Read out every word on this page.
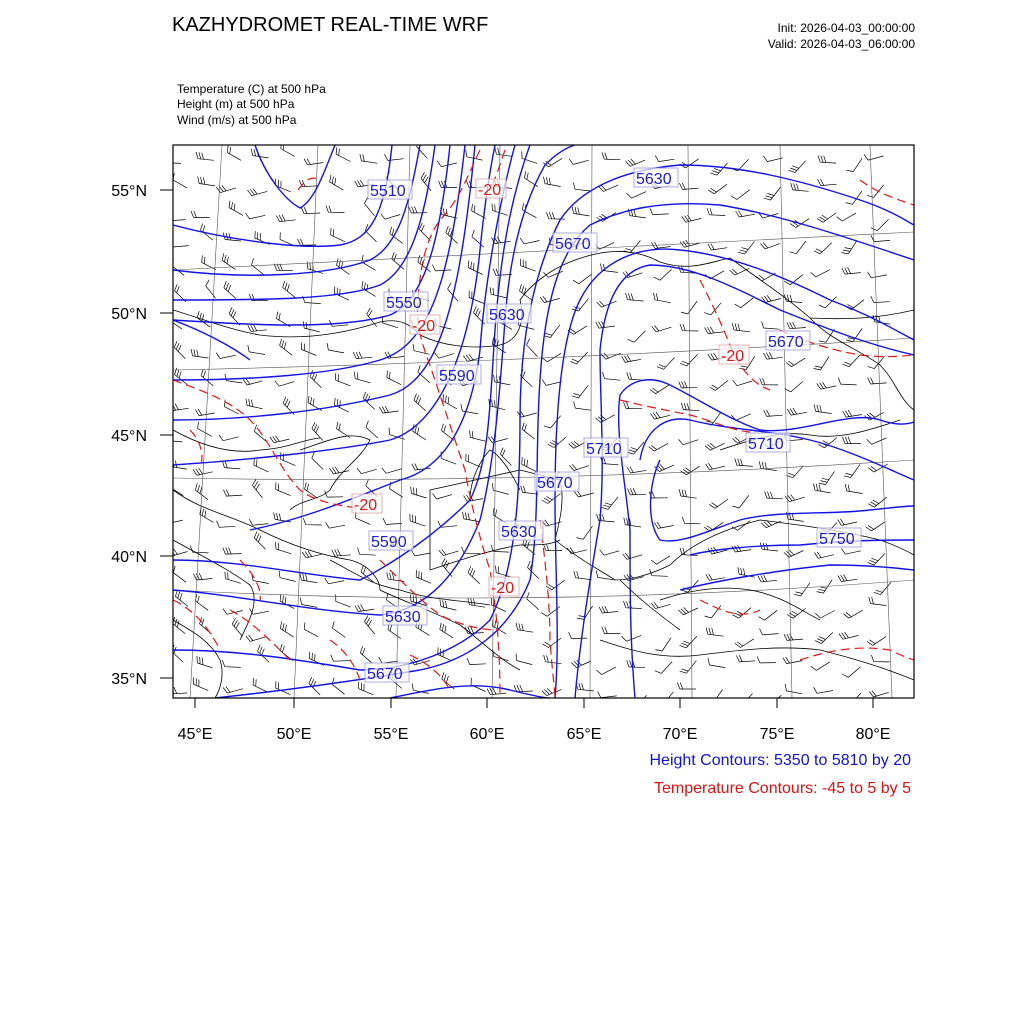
KAZHYDROMET REAL-TIME WRF	Init: 2026-04-03_00:00:00
Valid: 2026-04-03_06:00:00
Temperature (C) at 500 hPa
Height (m) at 500 hPa
Wind (m/s) at 500 hPa
5510
5630
5670
5550
5630
5590
5670
5710	5710
5670
5590
5630	5750
5630
5670
-20
-20
-20
-20
-20
45°E	50°E	55°E	60°E	65°E	70°E	75°E	80°E
55°N
50°N
45°N
40°N
35°N
Height Contours: 5350 to 5810 by 20
Temperature Contours: -45 to 5 by 5
